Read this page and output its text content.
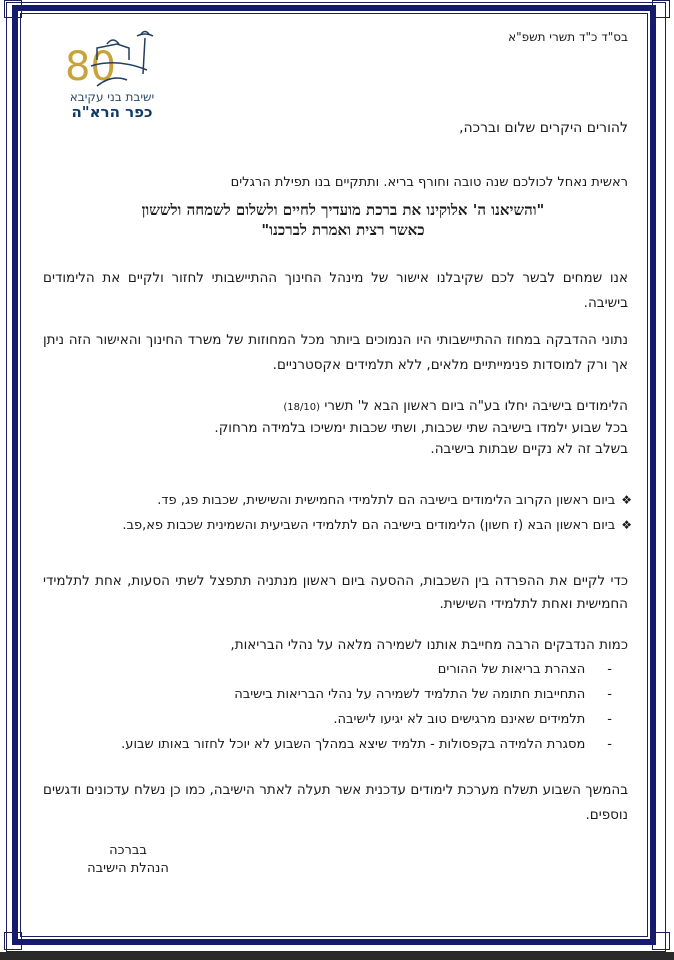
בס"ד כ"ד תשרי תשפ"א
80
ישיבת בני עקיבא
כפר הרא"ה
להורים היקרים שלום וברכה,
ראשית נאחל לכולכם שנה טובה וחורף בריא. ותתקיים בנו תפילת הרגלים
"והשיאנו ה' אלוקינו את ברכת מועדיך לחיים ולשלום לשמחה ולששון
כאשר רצית ואמרת לברכנו"
אנו שמחים לבשר לכם שקיבלנו אישור של מינהל החינוך ההתיישבותי לחזור ולקיים את הלימודים בישיבה.
נתוני ההדבקה במחוז ההתיישבותי היו הנמוכים ביותר מכל המחוזות של משרד החינוך והאישור הזה ניתן אך ורק למוסדות פנימייתיים מלאים, ללא תלמידים אקסטרניים.
הלימודים בישיבה יחלו בע"ה ביום ראשון הבא ל' תשרי (18/10)
בכל שבוע ילמדו בישיבה שתי שכבות, ושתי שכבות ימשיכו בלמידה מרחוק.
בשלב זה לא נקיים שבתות בישיבה.
❖
ביום ראשון הקרוב הלימודים בישיבה הם לתלמידי החמישית והשישית, שכבות פג, פד.
❖
ביום ראשון הבא (ז חשון) הלימודים בישיבה הם לתלמידי השביעית והשמינית שכבות פא,פב.
כדי לקיים את ההפרדה בין השכבות, ההסעה ביום ראשון מנתניה תתפצל לשתי הסעות, אחת לתלמידי החמישית ואחת לתלמידי השישית.
כמות הנדבקים הרבה מחייבת אותנו לשמירה מלאה על נהלי הבריאות,
-
הצהרת בריאות של ההורים
-
התחייבות חתומה של התלמיד לשמירה על נהלי הבריאות בישיבה
-
תלמידים שאינם מרגישים טוב לא יגיעו לישיבה.
-
מסגרת הלמידה בקפסולות - תלמיד שיצא במהלך השבוע לא יוכל לחזור באותו שבוע.
בהמשך השבוע תשלח מערכת לימודים עדכנית אשר תעלה לאתר הישיבה, כמו כן נשלח עדכונים ודגשים נוספים.
בברכה
הנהלת הישיבה
